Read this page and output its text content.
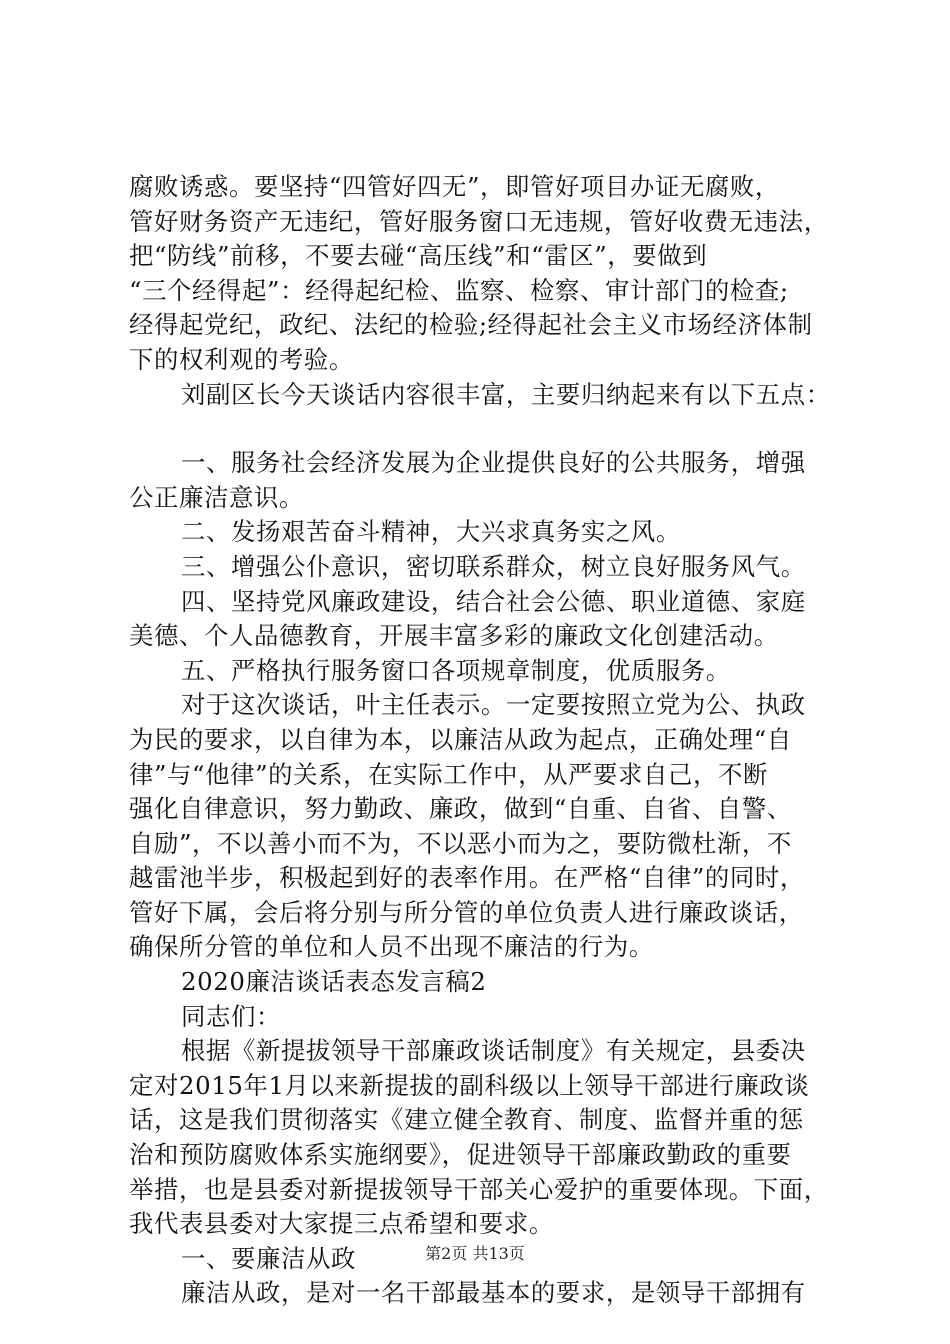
腐败诱惑。要坚持“四管好四无”，即管好项目办证无腐败，
管好财务资产无违纪，管好服务窗口无违规，管好收费无违法，
把“防线”前移，不要去碰“高压线”和“雷区”，要做到
“三个经得起”：经得起纪检、监察、检察、审计部门的检查;
经得起党纪，政纪、法纪的检验;经得起社会主义市场经济体制
下的权利观的考验。
刘副区长今天谈话内容很丰富，主要归纳起来有以下五点：
一、服务社会经济发展为企业提供良好的公共服务，增强
公正廉洁意识。
二、发扬艰苦奋斗精神，大兴求真务实之风。
三、增强公仆意识，密切联系群众，树立良好服务风气。
四、坚持党风廉政建设，结合社会公德、职业道德、家庭
美德、个人品德教育，开展丰富多彩的廉政文化创建活动。
五、严格执行服务窗口各项规章制度，优质服务。
对于这次谈话，叶主任表示。一定要按照立党为公、执政
为民的要求，以自律为本，以廉洁从政为起点，正确处理“自
律”与“他律”的关系，在实际工作中，从严要求自己，不断
强化自律意识，努力勤政、廉政，做到“自重、自省、自警、
自励”，不以善小而不为，不以恶小而为之，要防微杜渐，不
越雷池半步，积极起到好的表率作用。在严格“自律”的同时，
管好下属，会后将分别与所分管的单位负责人进行廉政谈话，
确保所分管的单位和人员不出现不廉洁的行为。
2020廉洁谈话表态发言稿2
同志们：
根据《新提拔领导干部廉政谈话制度》有关规定，县委决
定对2015年1月以来新提拔的副科级以上领导干部进行廉政谈
话，这是我们贯彻落实《建立健全教育、制度、监督并重的惩
治和预防腐败体系实施纲要》，促进领导干部廉政勤政的重要
举措，也是县委对新提拔领导干部关心爱护的重要体现。下面，
我代表县委对大家提三点希望和要求。
一、要廉洁从政
廉洁从政，是对一名干部最基本的要求，是领导干部拥有
第2页 共13页
